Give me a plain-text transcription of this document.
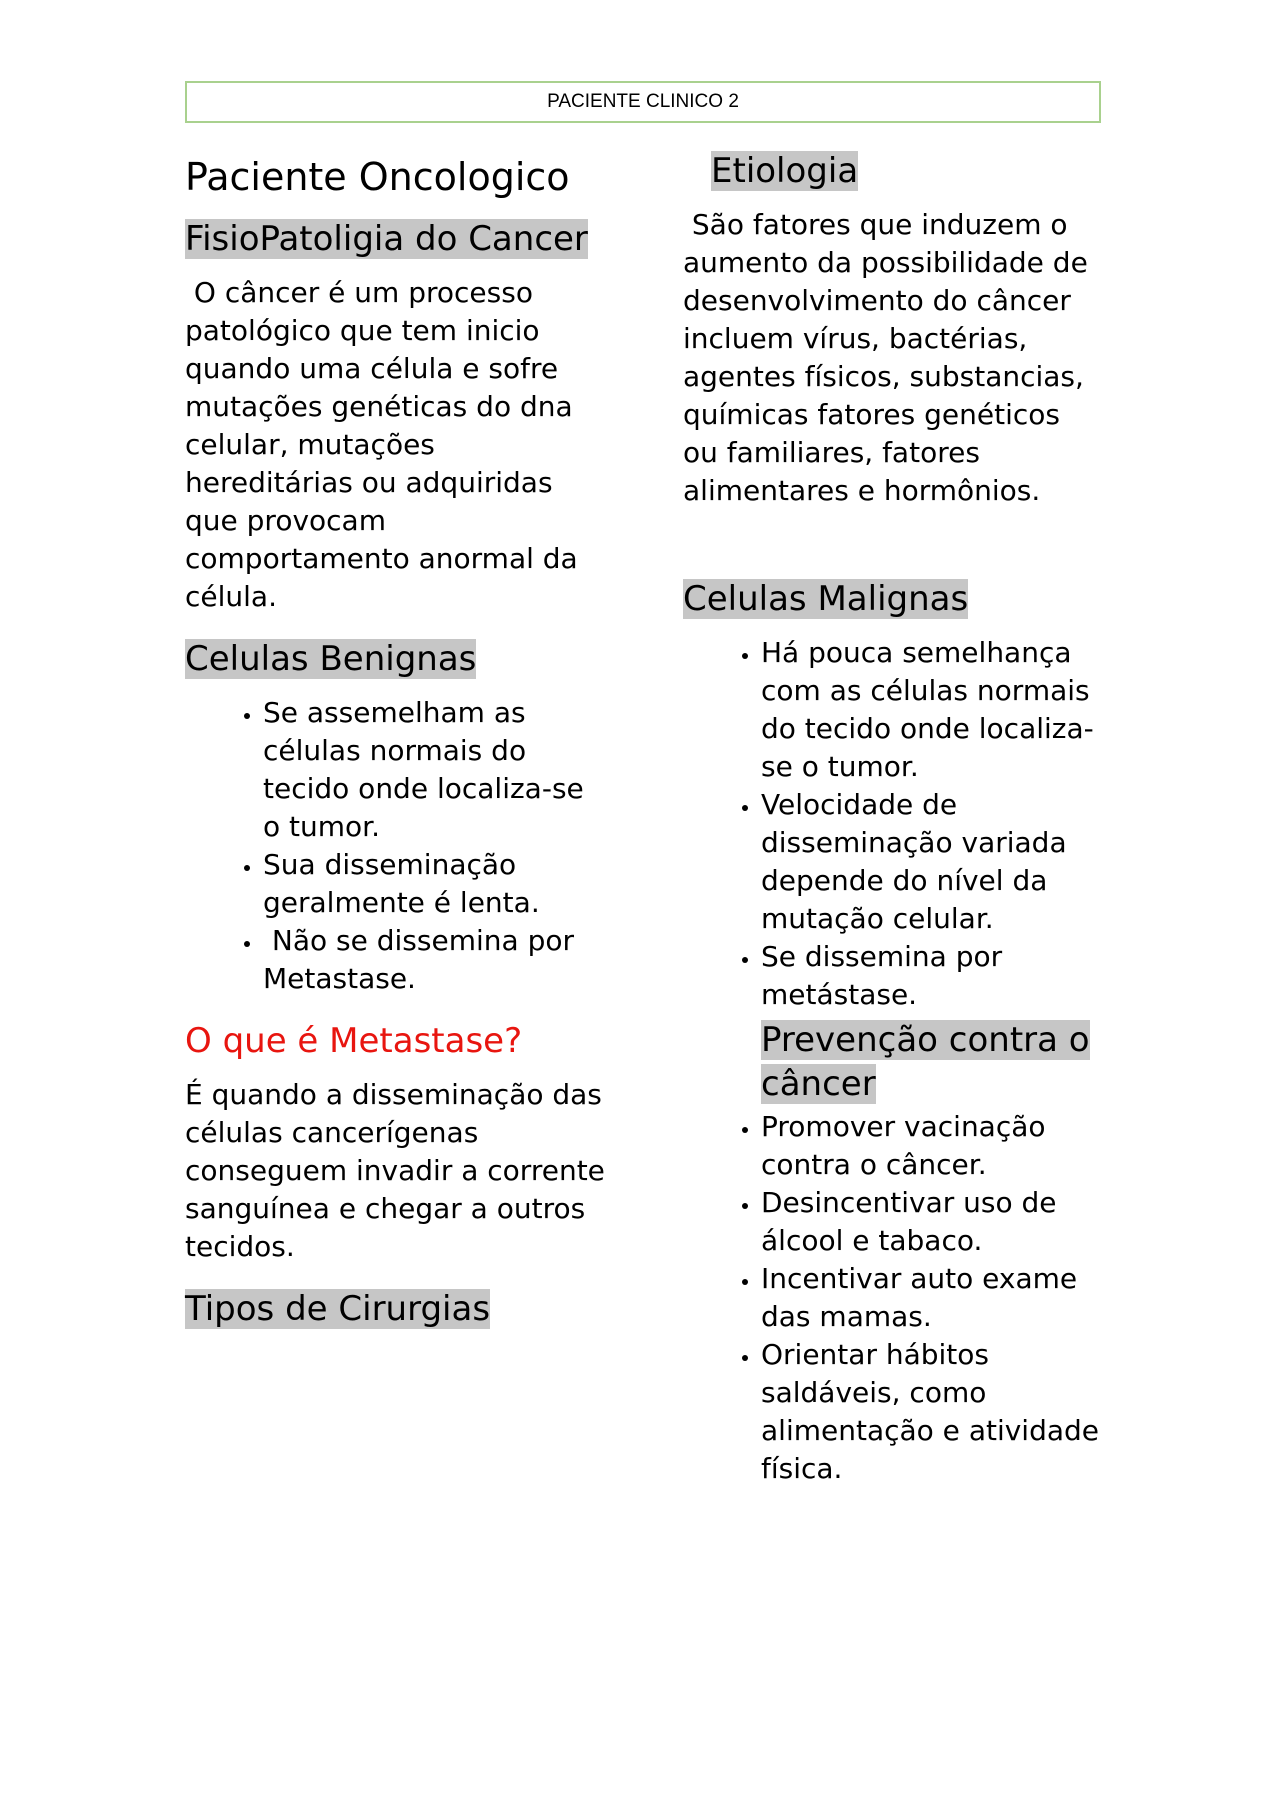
PACIENTE CLINICO 2
Paciente Oncologico
FisioPatoligia do Cancer

O câncer é um processo patológico que tem inicio quando uma célula e sofre mutações genéticas do dna celular, mutações hereditárias ou adquiridas que provocam comportamento anormal da célula.

Celulas Benignas
• Se assemelham as células normais do tecido onde localiza-se o tumor.
• Sua disseminação geralmente é lenta.
•  Não se dissemina por Metastase.
O que é Metastase?

É quando a disseminação das células cancerígenas conseguem invadir a corrente sanguínea e chegar a outros tecidos.

Tipos de Cirurgias
Etiologia

São fatores que induzem o aumento da possibilidade de desenvolvimento do câncer incluem vírus, bactérias, agentes físicos, substancias, químicas fatores genéticos ou familiares, fatores alimentares e hormônios.

Celulas Malignas
• Há pouca semelhança com as células normais do tecido onde localiza-se o tumor.
• Velocidade de disseminação variada depende do nível da mutação celular.
• Se dissemina por metástase.
Prevenção contra o câncer
• Promover vacinação contra o câncer.
• Desincentivar uso de álcool e tabaco.
• Incentivar auto exame das mamas.
• Orientar hábitos saldáveis, como alimentação e atividade física.
